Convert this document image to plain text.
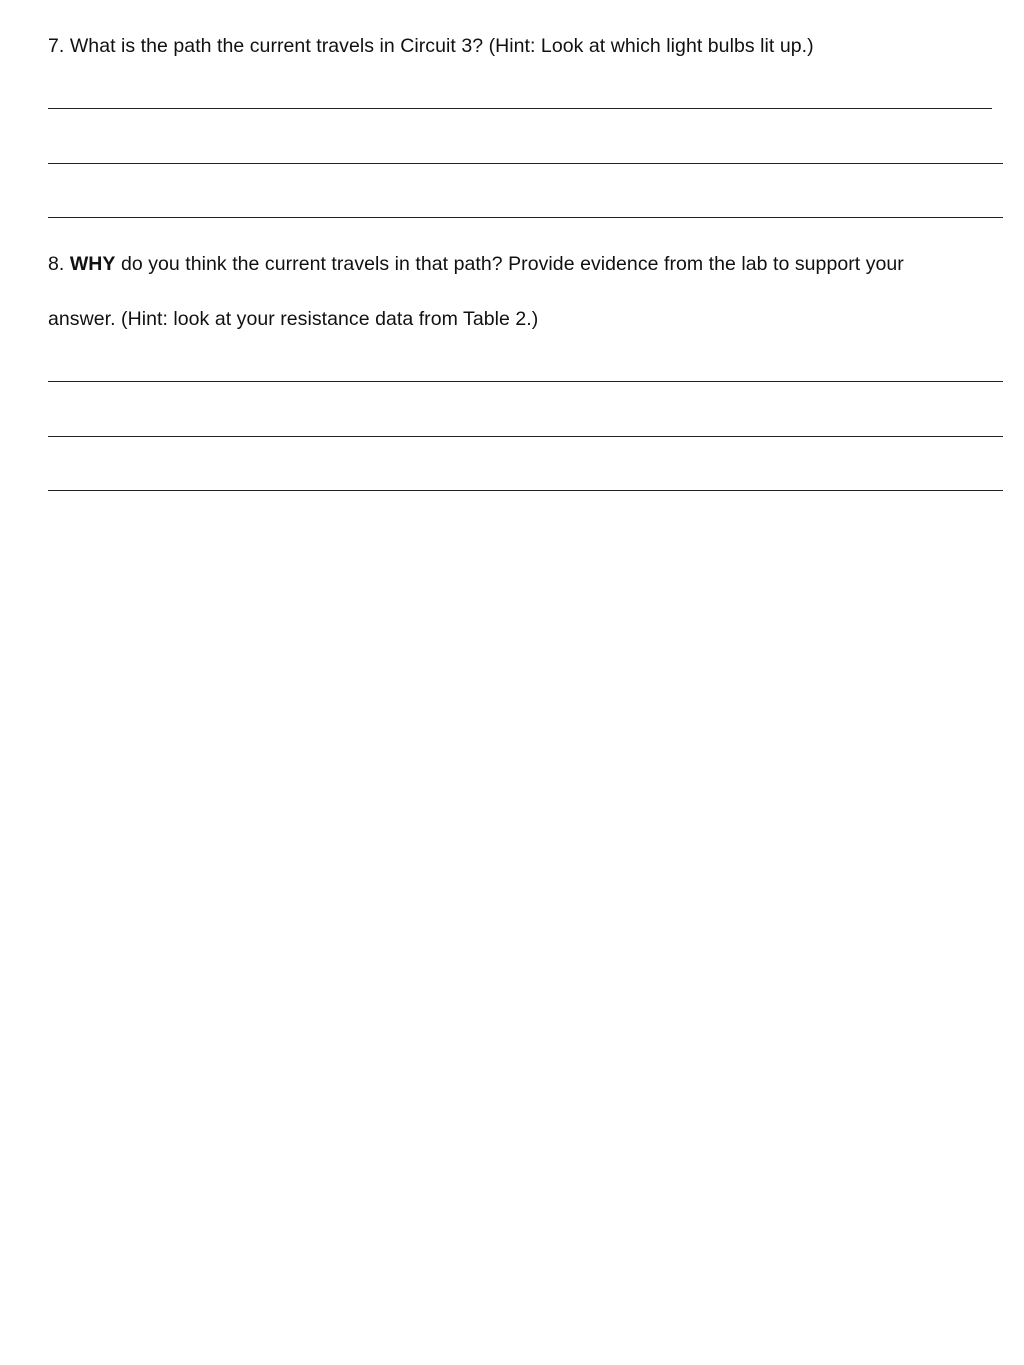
7. What is the path the current travels in Circuit 3? (Hint: Look at which light bulbs lit up.)
8. WHY do you think the current travels in that path? Provide evidence from the lab to support your
answer. (Hint: look at your resistance data from Table 2.)
